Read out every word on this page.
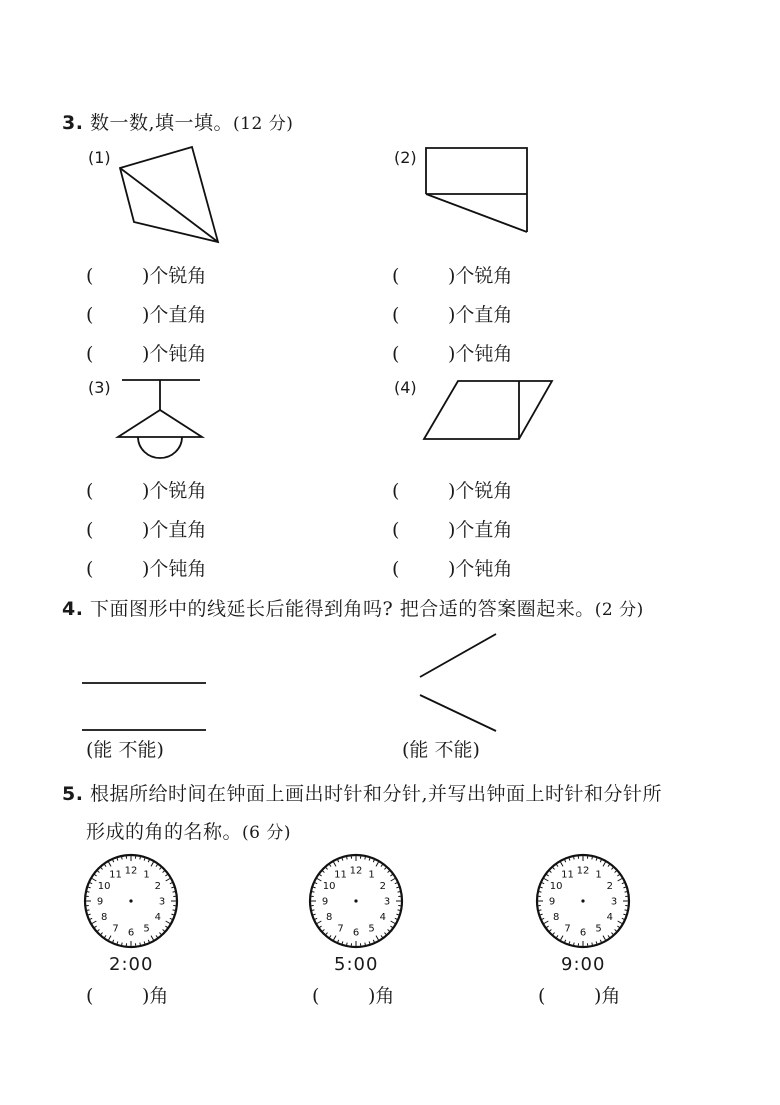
3. 数一数,填一填。(12 分)
(1)	(2)
(3)	(4)
(	)个锐角
(	)个直角
(	)个钝角
(	)个锐角
(	)个直角
(	)个钝角
(	)个锐角
(	)个直角
(	)个钝角
(	)个锐角
(	)个直角
(	)个钝角
4. 下面图形中的线延长后能得到角吗? 把合适的答案圈起来。(2 分)
(能 不能)	(能 不能)
5. 根据所给时间在钟面上画出时针和分针,并写出钟面上时针和分针所
形成的角的名称。(6 分)
12 1
2
3
4
5
6
7
8
9
10
11	12 1
2
3
4
5
6
7
8
9
10
11	12 1
2
3
4
5
6
7
8
9
10
11
2:00	5:00	9:00
(	)角	(	)角	(	)角
